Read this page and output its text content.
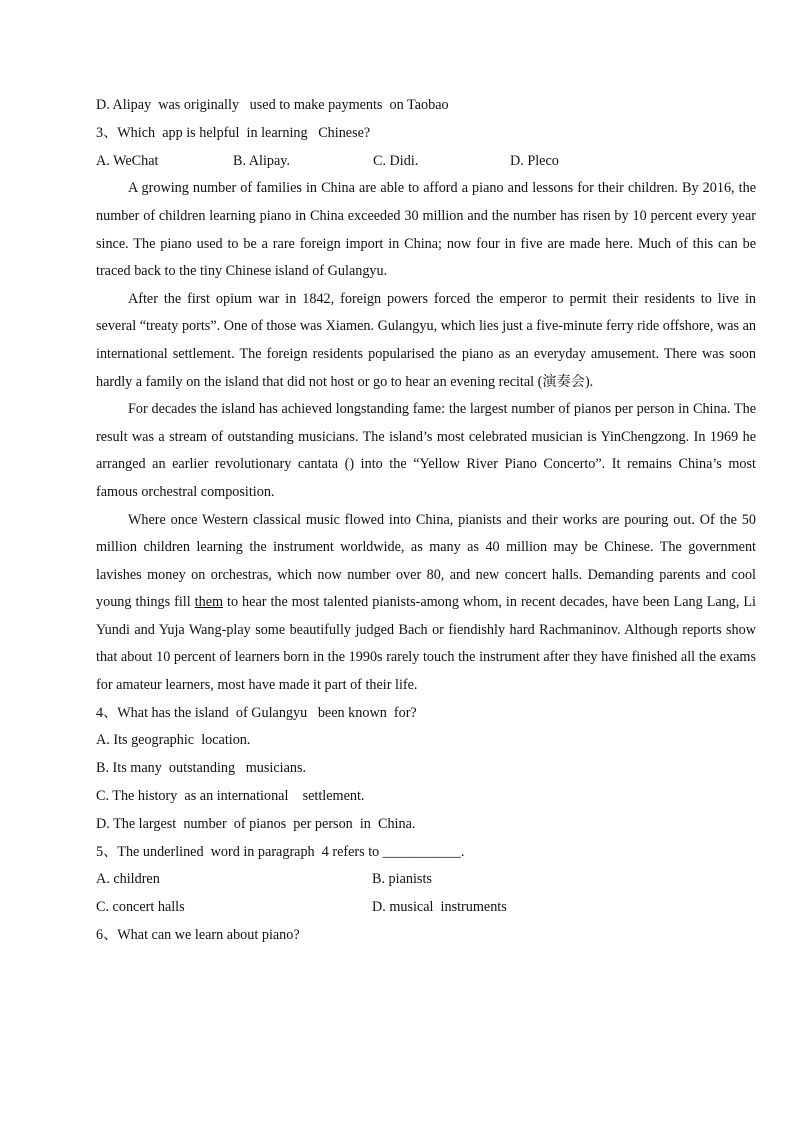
D. Alipay  was originally   used to make payments  on Taobao

3、Which  app is helpful  in learning   Chinese?

A. WeChat	B. Alipay.	C. Didi.	D. Pleco

A growing number of families in China are able to afford a piano and lessons for their children. By 2016, the number of children learning piano in China exceeded 30 million and the number has risen by 10 percent every year since. The piano used to be a rare foreign import in China; now four in five are made here. Much of this can be traced back to the tiny Chinese island of Gulangyu.

After the first opium war in 1842, foreign powers forced the emperor to permit their residents to live in several “treaty ports”. One of those was Xiamen. Gulangyu, which lies just a five-minute ferry ride offshore, was an international settlement. The foreign residents popularised the piano as an everyday amusement. There was soon hardly a family on the island that did not host or go to hear an evening recital (演奏会).

For decades the island has achieved longstanding fame: the largest number of pianos per person in China. The result was a stream of outstanding musicians. The island’s most celebrated musician is YinChengzong. In 1969 he arranged an earlier revolutionary cantata () into the “Yellow River Piano Concerto”. It remains China’s most famous orchestral composition.

Where once Western classical music flowed into China, pianists and their works are pouring out. Of the 50 million children learning the instrument worldwide, as many as 40 million may be Chinese. The government lavishes money on orchestras, which now number over 80, and new concert halls. Demanding parents and cool young things fill them to hear the most talented pianists-among whom, in recent decades, have been Lang Lang, Li Yundi and Yuja Wang-play some beautifully judged Bach or fiendishly hard Rachmaninov. Although reports show that about 10 percent of learners born in the 1990s rarely touch the instrument after they have finished all the exams for amateur learners, most have made it part of their life.

4、What has the island  of Gulangyu   been known  for?

A. Its geographic  location.

B. Its many  outstanding   musicians.

C. The history  as an international    settlement.

D. The largest  number  of pianos  per person  in  China.

5、The underlined  word in paragraph  4 refers to ___________.

A. children	B. pianists
C. concert halls	D. musical  instruments

6、What can we learn about piano?
